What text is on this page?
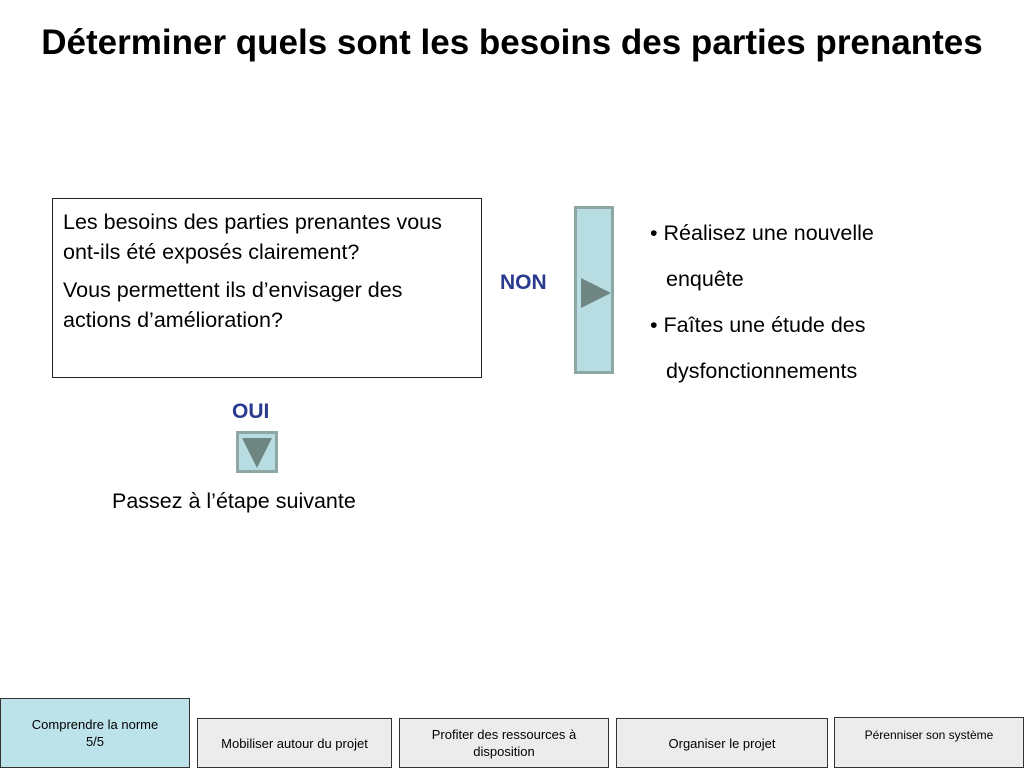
Déterminer quels sont les besoins des parties prenantes

Les besoins des parties prenantes vous ont-ils été exposés clairement?

Vous permettent ils d’envisager des actions d’amélioration?

NON
• Réalisez une nouvelle
enquête
• Faîtes une étude des
dysfonctionnements
OUI
Passez à l’étape suivante
Comprendre la norme
5/5	Mobiliser autour du projet
Profiter des ressources à disposition
Organiser le projet
Pérenniser son système
